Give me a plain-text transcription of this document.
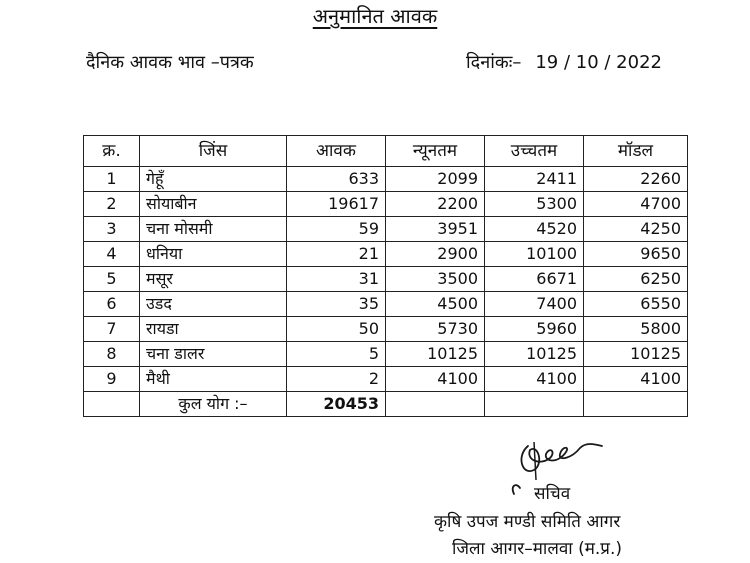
अनुमानित आवक
दैनिक आवक भाव –पत्रक	दिनांकः– 19 / 10 / 2022
क्र.	जिंस	आवक	न्यूनतम	उच्चतम	मॉडल
1	गेहूँ	633	2099	2411	2260
2	सोयाबीन	19617	2200	5300	4700
3	चना मोसमी	59	3951	4520	4250
4	धनिया	21	2900	10100	9650
5	मसूर	31	3500	6671	6250
6	उडद	35	4500	7400	6550
7	रायडा	50	5730	5960	5800
8	चना डालर	5	10125	10125	10125
9	मैथी	2	4100	4100	4100
	कुल योग :–	20453			
सचिव
कृषि उपज मण्डी समिति आगर
जिला आगर–मालवा (म.प्र.)
